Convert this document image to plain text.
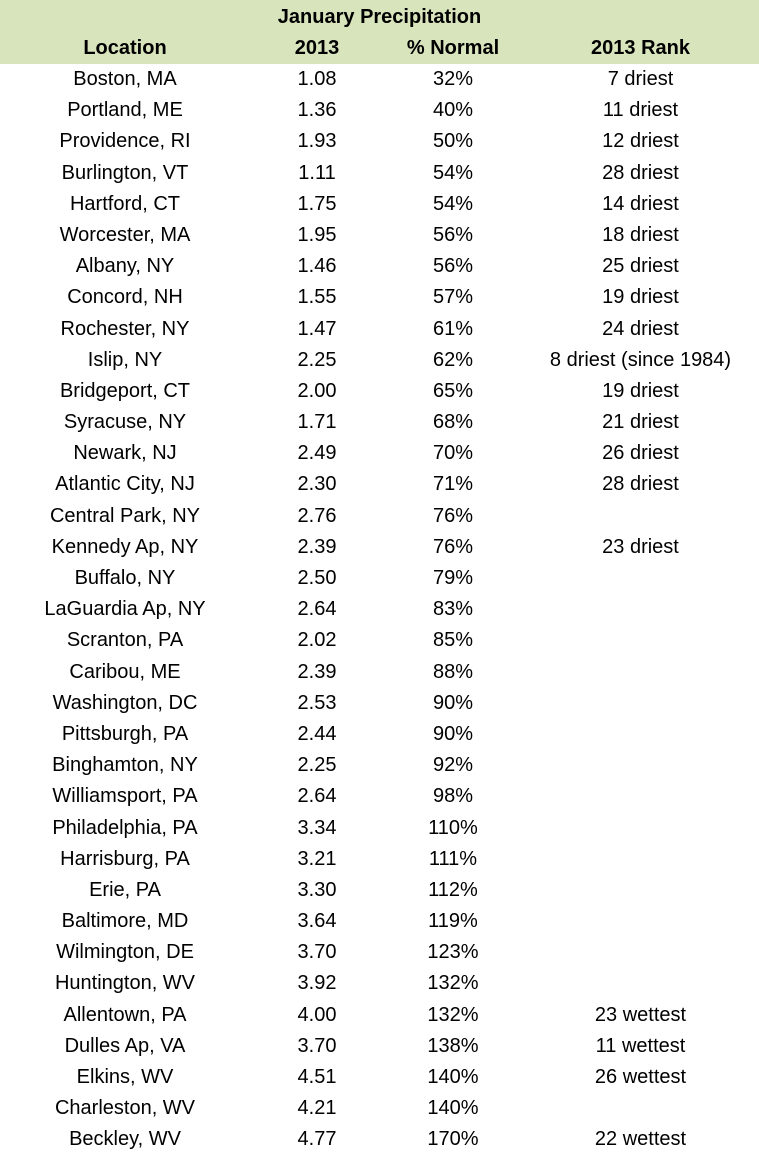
January Precipitation
Location	2013	% Normal	2013 Rank
Boston, MA	1.08	32%	7 driest
Portland, ME	1.36	40%	11 driest
Providence, RI	1.93	50%	12 driest
Burlington, VT	1.11	54%	28 driest
Hartford, CT	1.75	54%	14 driest
Worcester, MA	1.95	56%	18 driest
Albany, NY	1.46	56%	25 driest
Concord, NH	1.55	57%	19 driest
Rochester, NY	1.47	61%	24 driest
Islip, NY	2.25	62%	8 driest (since 1984)
Bridgeport, CT	2.00	65%	19 driest
Syracuse, NY	1.71	68%	21 driest
Newark, NJ	2.49	70%	26 driest
Atlantic City, NJ	2.30	71%	28 driest
Central Park, NY	2.76	76%
Kennedy Ap, NY	2.39	76%	23 driest
Buffalo, NY	2.50	79%
LaGuardia Ap, NY	2.64	83%
Scranton, PA	2.02	85%
Caribou, ME	2.39	88%
Washington, DC	2.53	90%
Pittsburgh, PA	2.44	90%
Binghamton, NY	2.25	92%
Williamsport, PA	2.64	98%
Philadelphia, PA	3.34	110%
Harrisburg, PA	3.21	111%
Erie, PA	3.30	112%
Baltimore, MD	3.64	119%
Wilmington, DE	3.70	123%
Huntington, WV	3.92	132%
Allentown, PA	4.00	132%	23 wettest
Dulles Ap, VA	3.70	138%	11 wettest
Elkins, WV	4.51	140%	26 wettest
Charleston, WV	4.21	140%
Beckley, WV	4.77	170%	22 wettest
